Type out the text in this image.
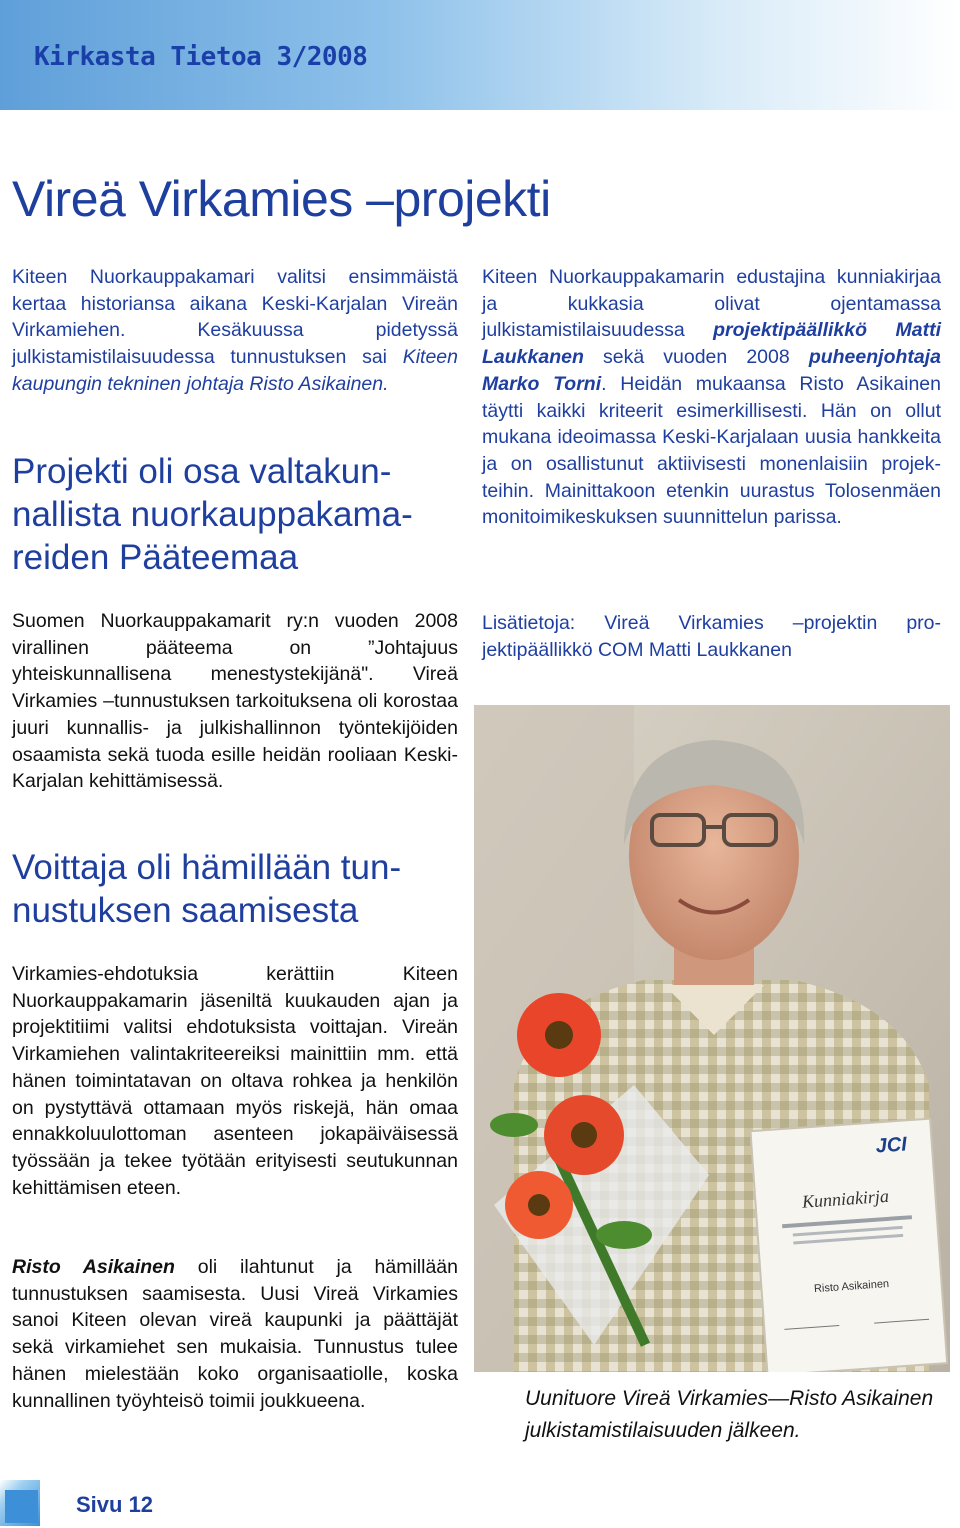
Kirkasta Tietoa 3/2008
Vireä Virkamies –projekti

Kiteen Nuorkauppakamari valitsi ensimmäistä kertaa historiansa aikana Keski-Karjalan Vireän Virkamiehen. Kesäkuussa pidetyssä julkistamistilaisuudessa tunnustuksen sai Kiteen kaupungin tekninen johtaja Risto Asikainen.

Projekti oli osa valtakunnallista nuorkauppakamareiden Pääteemaa

Suomen Nuorkauppakamarit ry:n vuoden 2008 virallinen pääteema on ”Johtajuus yhteiskunnallisena menestystekijänä". Vireä Virkamies –tunnustuksen tarkoituksena oli korostaa juuri kunnallis- ja julkishallinnon työntekijöiden osaamista sekä tuoda esille heidän rooliaan Keski-Karjalan kehittämisessä.

Voittaja oli hämillään tunnustuksen saamisesta

Virkamies-ehdotuksia kerättiin Kiteen Nuorkauppakamarin jäseniltä kuukauden ajan ja projektitiimi valitsi ehdotuksista voittajan. Vireän Virkamiehen valintakriteereiksi mainittiin mm. että hänen toimintatavan on oltava rohkea ja henkilön on pystyttävä ottamaan myös riskejä, hän omaa ennakkoluulottoman asenteen jokapäiväisessä työssään ja tekee työtään erityisesti seutukunnan kehittämisen eteen.

Risto Asikainen oli ilahtunut ja hämillään tunnustuksen saamisesta. Uusi Vireä Virkamies sanoi Kiteen olevan vireä kaupunki ja päättäjät sekä virkamiehet sen mukaisia. Tunnustus tulee hänen mielestään koko organisaatiolle, koska kunnallinen työyhteisö toimii joukkueena.

Kiteen Nuorkauppakamarin edustajina kunniakirjaa ja kukkasia olivat ojentamassa julkistamistilaisuudessa projektipäällikkö Matti Laukkanen sekä vuoden 2008 puheenjohtaja Marko Torni. Heidän mukaansa Risto Asikainen täytti kaikki kriteerit esimerkillisesti. Hän on ollut mukana ideoimassa Keski-Karjalaan uusia hankkeita ja on osallistunut aktiivisesti monenlaisiin projekteihin. Mainittakoon etenkin uurastus Tolosenmäen monitoimikeskuksen suunnittelun parissa.

Lisätietoja: Vireä Virkamies –projektin projektipäällikkö COM Matti Laukkanen

JCI
Kunniakirja
Risto Asikainen
Uunituore Vireä Virkamies—Risto Asikainen julkistamistilaisuuden jälkeen.
Sivu 12
